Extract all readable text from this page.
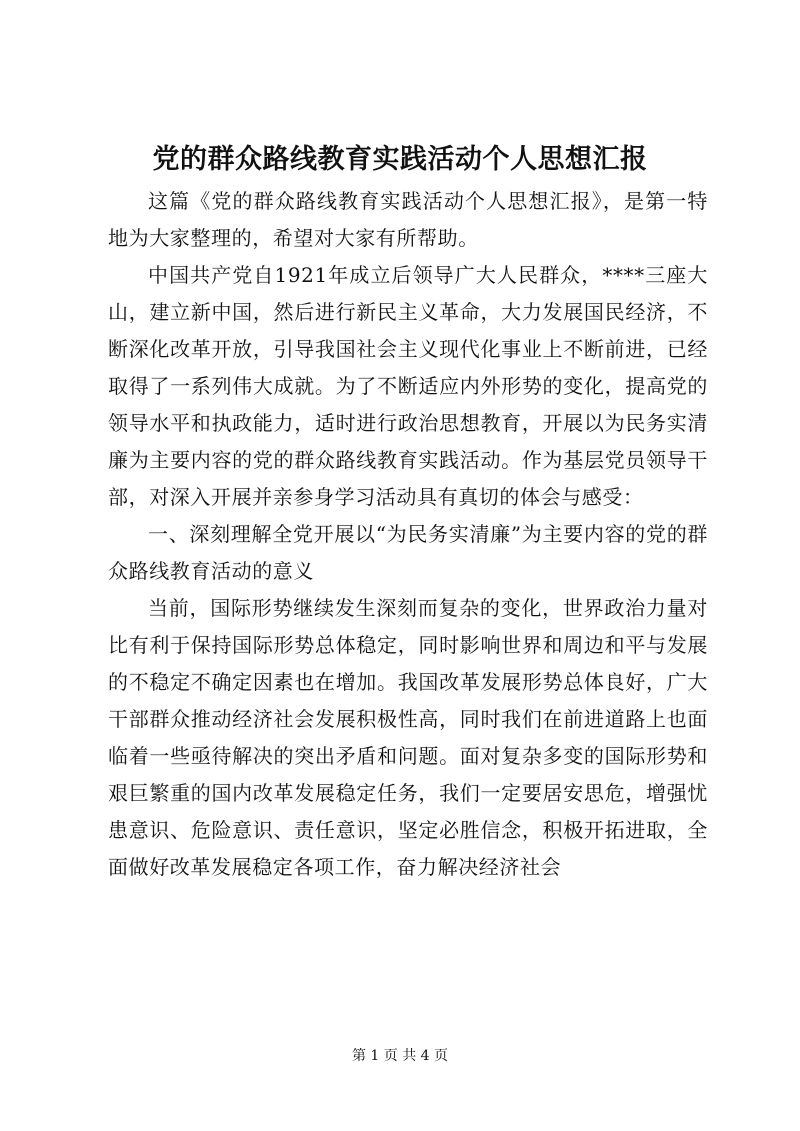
党的群众路线教育实践活动个人思想汇报

这篇《党的群众路线教育实践活动个人思想汇报》，是第一特地为大家整理的，希望对大家有所帮助。

中国共产党自1921年成立后领导广大人民群众，****三座大山，建立新中国，然后进行新民主义革命，大力发展国民经济，不断深化改革开放，引导我国社会主义现代化事业上不断前进，已经取得了一系列伟大成就。为了不断适应内外形势的变化，提高党的领导水平和执政能力，适时进行政治思想教育，开展以为民务实清廉为主要内容的党的群众路线教育实践活动。作为基层党员领导干部，对深入开展并亲参身学习活动具有真切的体会与感受：

一、深刻理解全党开展以“为民务实清廉”为主要内容的党的群众路线教育活动的意义

当前，国际形势继续发生深刻而复杂的变化，世界政治力量对比有利于保持国际形势总体稳定，同时影响世界和周边和平与发展的不稳定不确定因素也在增加。我国改革发展形势总体良好，广大干部群众推动经济社会发展积极性高，同时我们在前进道路上也面临着一些亟待解决的突出矛盾和问题。面对复杂多变的国际形势和艰巨繁重的国内改革发展稳定任务，我们一定要居安思危，增强忧患意识、危险意识、责任意识，坚定必胜信念，积极开拓进取，全面做好改革发展稳定各项工作，奋力解决经济社会

第 1 页 共 4 页
